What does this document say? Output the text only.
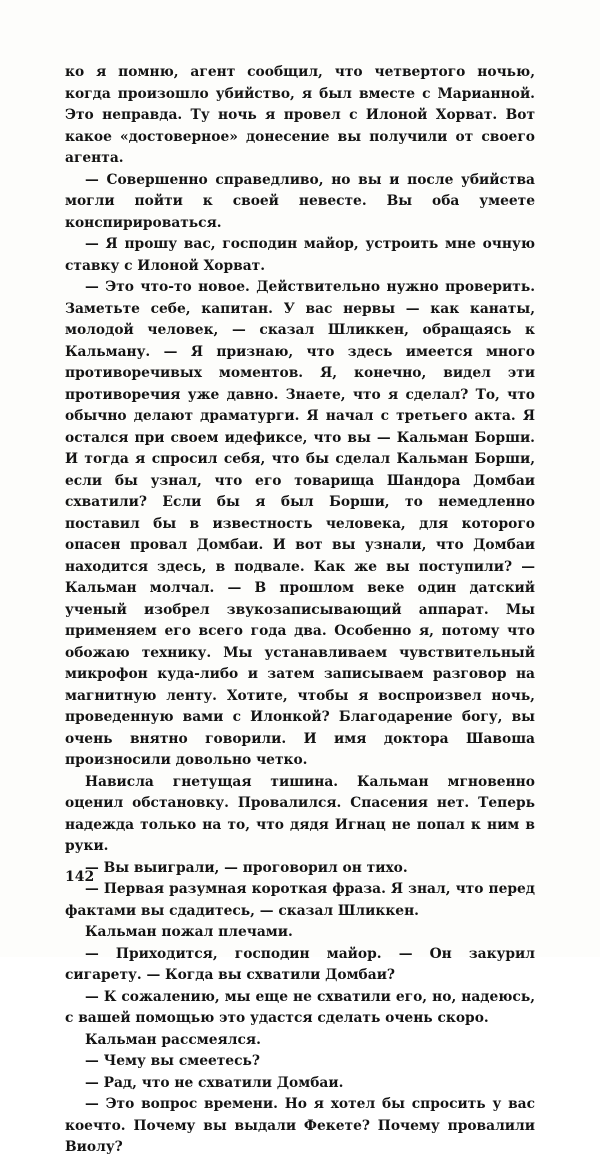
ко я помню, агент сообщил, что четвертого ночью, когда произошло убийство, я был вместе с Марианной. Это неправда. Ту ночь я провел с Илоной Хорват. Вот какое «достоверное» донесение вы получили от своего агента.

— Совершенно справедливо, но вы и после убийства могли пойти к своей невесте. Вы оба умеете конспирироваться.

— Я прошу вас, господин майор, устроить мне очную ставку с Илоной Хорват.

— Это что-то новое. Действительно нужно проверить. Заметьте себе, капитан. У вас нервы — как канаты, молодой человек, — сказал Шликкен, обращаясь к Кальману. — Я признаю, что здесь имеется много противоречивых моментов. Я, конечно, видел эти противоречия уже давно. Знаете, что я сделал? То, что обычно делают драматурги. Я начал с третьего акта. Я остался при своем идефиксе, что вы — Кальман Борши. И тогда я спросил себя, что бы сделал Кальман Борши, если бы узнал, что его товарища Шандора Домбаи схватили? Если бы я был Борши, то немедленно поставил бы в известность человека, для которого опасен провал Домбаи. И вот вы узнали, что Домбаи находится здесь, в подвале. Как же вы поступили? — Кальман молчал. — В прошлом веке один датский ученый изобрел звукозаписывающий аппарат. Мы применяем его всего года два. Особенно я, потому что обожаю технику. Мы устанавливаем чувствительный микрофон куда-либо и затем записываем разговор на магнитную ленту. Хотите, чтобы я воспроизвел ночь, проведенную вами с Илонкой? Благодарение богу, вы очень внятно говорили. И имя доктора Шавоша произносили довольно четко.

Нависла гнетущая тишина. Кальман мгновенно оценил обстановку. Провалился. Спасения нет. Теперь надежда только на то, что дядя Игнац не попал к ним в руки.

— Вы выиграли, — проговорил он тихо.

— Первая разумная короткая фраза. Я знал, что перед фактами вы сдадитесь, — сказал Шликкен.

Кальман пожал плечами.

— Приходится, господин майор. — Он закурил сигарету. — Когда вы схватили Домбаи?

— К сожалению, мы еще не схватили его, но, надеюсь, с вашей помощью это удастся сделать очень скоро.

Кальман рассмеялся.

— Чему вы смеетесь?

— Рад, что не схватили Домбаи.

— Это вопрос времени. Но я хотел бы спросить у вас коечто. Почему вы выдали Фекете? Почему провалили Виолу?

142
